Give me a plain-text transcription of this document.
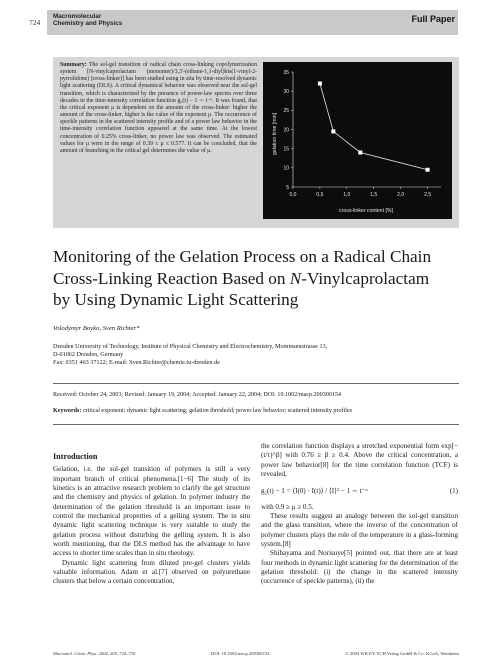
724
Macromolecular
Chemistry and Physics	Full Paper
Summary: The sol-gel transition of radical chain cross-linking copolymerization system [N-vinylcaprolactam (monomer)/3,3′-(ethane-1,1-diyl)bis(1-vinyl-2-pyrrolidone) (cross-linker)] has been studied using in situ by time-resolved dynamic light scattering (DLS). A critical dynamical behavior was observed near the sol-gel transition, which is characterized by the presence of power-law spectra over three decades in the time-intensity correlation function g₂(t) − 1 ∼ t⁻ᵘ. It was found, that the critical exponent μ is dependent on the amount of the cross-linker: higher the amount of the cross-linker, higher is the value of the exponent μ. The occurrence of speckle patterns in the scattered intensity profile and of a power law behavior in the time-intensity correlation function appeared at the same time. At the lowest concentration of 0.25% cross-linker, no power law was observed. The estimated values for μ were in the range of 0.39 ≤ μ ≤ 0.577. It can be concluded, that the amount of branching in the critical gel determines the value of μ.
5
10
15
20
25
30
35
0,0	0,5	1,0	1,5	2,0	2,5
cross-linker content [%]
gelation time [min]
Monitoring of the Gelation Process on a Radical Chain
Cross-Linking Reaction Based on N-Vinylcaprolactam
by Using Dynamic Light Scattering
Volodymyr Boyko, Sven Richter*
Dresden University of Technology, Institute of Physical Chemistry and Electrochemistry, Mommsenstrasse 13,
D-01062 Dresden, Germany
Fax: 0351 463 37122; E-mail: Sven.Richter@chemie.tu-dresden.de
Received: October 24, 2003; Revised: January 19, 2004; Accepted: January 22, 2004; DOI: 10.1002/macp.200300154
Keywords: critical exponent; dynamic light scattering; gelation threshold; power law behavior; scattered intensity profiles
Introduction
Gelation, i.e. the sol-gel transition of polymers is still a very important branch of critical phenomena.[1−6] The study of its kinetics is an attractive research problem to clarify the gel structure and the chemistry and physics of gelation. In polymer industry the determination of the gelation threshold is an important issue to control the mechanical properties of a gelling system. The in situ dynamic light scattering technique is very suitable to study the gelation process without disturbing the gelling system. It is also worth mentioning, that the DLS method has the advantage to have access to shorter time scales than in situ rheology.
Dynamic light scattering from diluted pre-gel clusters yields valuable information. Adam et al.[7] observed on polyurethane clusters that below a certain concentration,
the correlation function displays a stretched exponential form exp[−(t/τ)^β] with 0.76 ≥ β ≥ 0.4. Above the critical concentration, a power law behavior[8] for the time correlation function (TCF) is revealed,
g₂(t) − 1 = ⟨I(0) · I(t)⟩ / ⟨I⟩² − 1 ∼ t⁻ᵘ	(1)
with 0.9 ≥ μ ≥ 0.5.
These results suggest an analogy between the sol-gel transition and the glass transition, where the inverse of the concentration of polymer clusters plays the role of the temperature in a glass-forming system.[8]
Shibayama and Norisuye[5] pointed out, that there are at least four methods in dynamic light scattering for the determination of the gelation threshold: (i) the change in the scattered intensity (occurrence of speckle patterns), (ii) the
Macromol. Chem. Phys. 2004, 205, 724–730	DOI: 10.1002/macp.200300154	© 2004 WILEY-VCH Verlag GmbH & Co. KGaA, Weinheim
